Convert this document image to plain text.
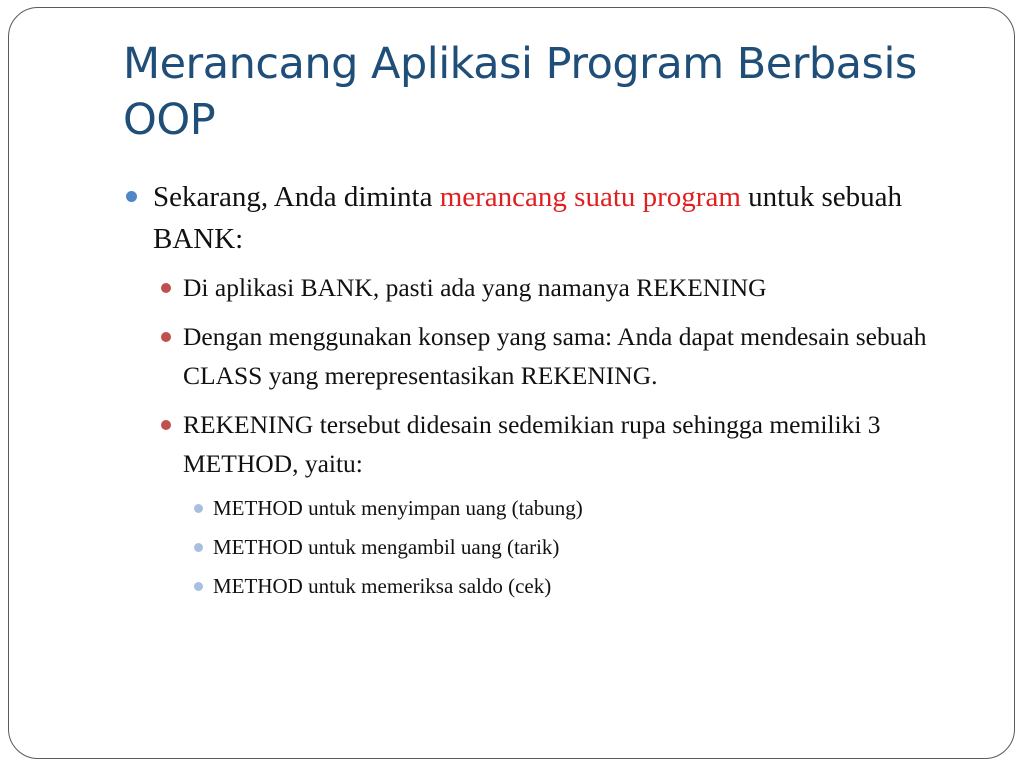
Merancang Aplikasi Program Berbasis OOP
Sekarang, Anda diminta merancang suatu program untuk sebuah BANK:
Di aplikasi BANK, pasti ada yang namanya REKENING
Dengan menggunakan konsep yang sama: Anda dapat mendesain sebuah CLASS yang merepresentasikan REKENING.
REKENING tersebut didesain sedemikian rupa sehingga memiliki 3 METHOD, yaitu:
METHOD untuk menyimpan uang (tabung)
METHOD untuk mengambil uang (tarik)
METHOD untuk memeriksa saldo (cek)
